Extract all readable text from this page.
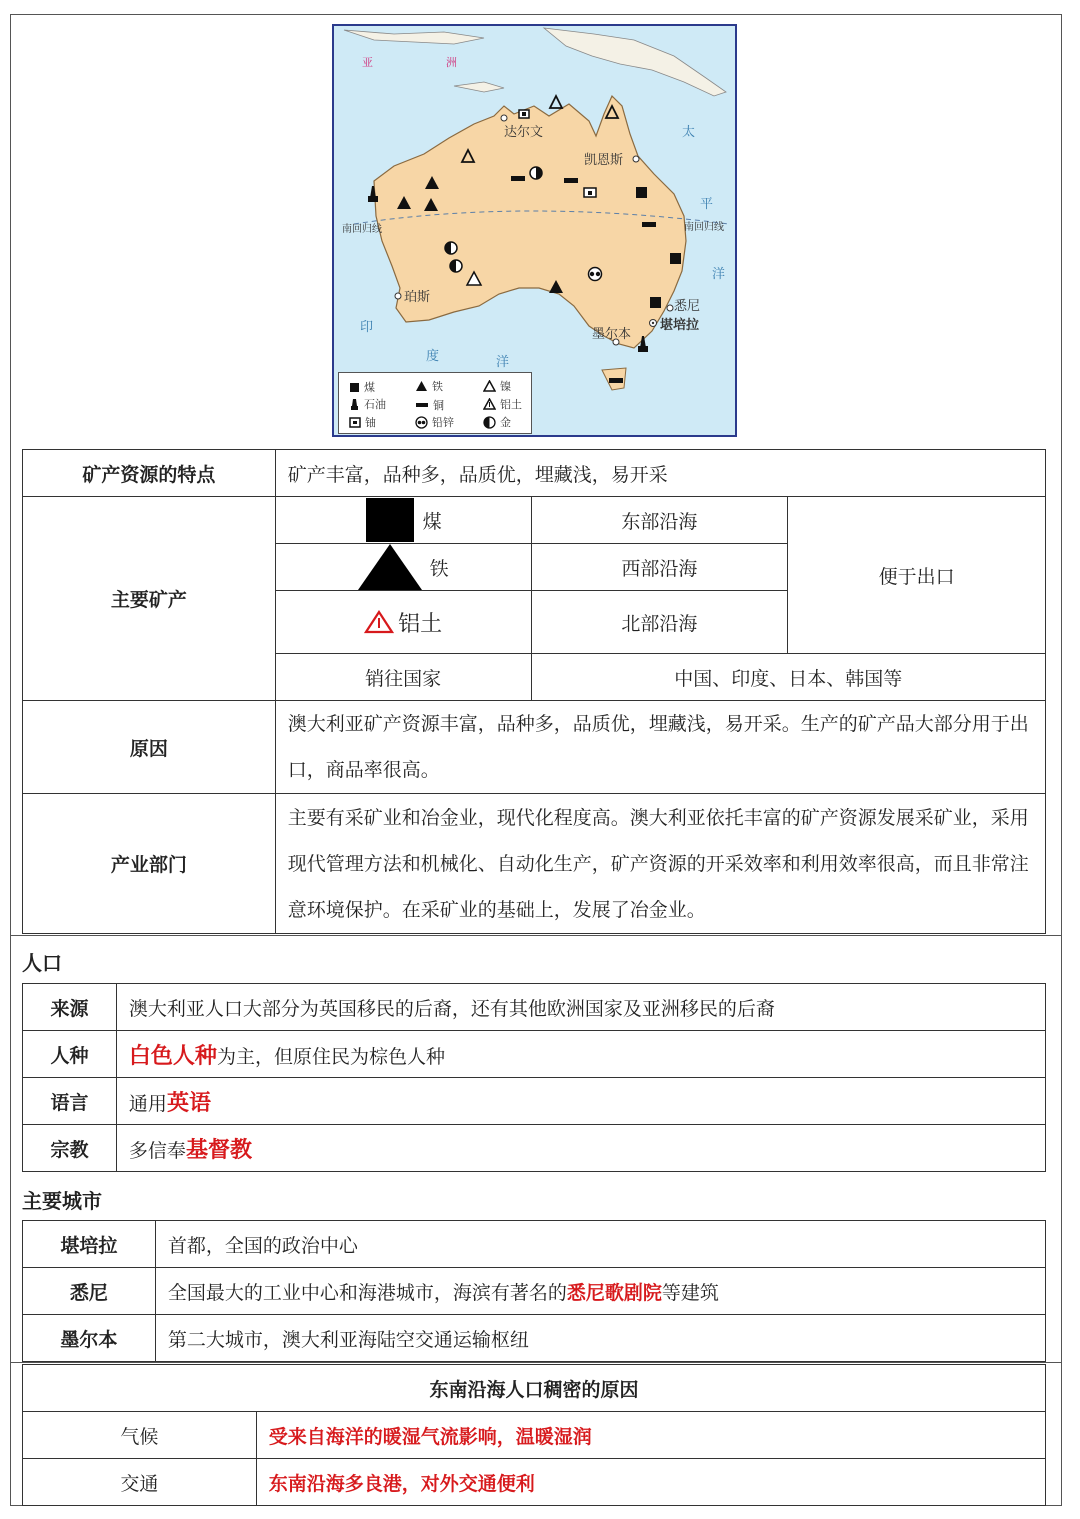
亚	洲
太
平
洋
印
度	洋
南回归线	南回归线
达尔文
凯恩斯
珀斯
悉尼
堪培拉
墨尔本
煤	铁	镍
石油	铜	铝土
铀	铅锌	金
矿产资源的特点	矿产丰富，品种多，品质优，埋藏浅，易开采		
主要矿产	煤	东部沿海	便于出口

	铁	西部沿海	

	铝土	北部沿海	
	销往国家	中国、印度、日本、韩国等	
原因	澳大利亚矿产资源丰富，品种多，品质优，埋藏浅，易开采。生产的矿产品大部分用于出口，商品率很高。		

产业部门	主要有采矿业和冶金业，现代化程度高。澳大利亚依托丰富的矿产资源发展采矿业，采用现代管理方法和机械化、自动化生产，矿产资源的开采效率和利用效率很高，而且非常注意环境保护。在采矿业的基础上，发展了冶金业。		
人口
来源	澳大利亚人口大部分为英国移民的后裔，还有其他欧洲国家及亚洲移民的后裔
人种	白色人种为主，但原住民为棕色人种
语言	通用英语
宗教	多信奉基督教
主要城市
堪培拉	首都，全国的政治中心
悉尼	全国最大的工业中心和海港城市，海滨有著名的悉尼歌剧院等建筑
墨尔本	第二大城市，澳大利亚海陆空交通运输枢纽
东南沿海人口稠密的原因	
气候	受来自海洋的暖湿气流影响，温暖湿润
交通	东南沿海多良港，对外交通便利
